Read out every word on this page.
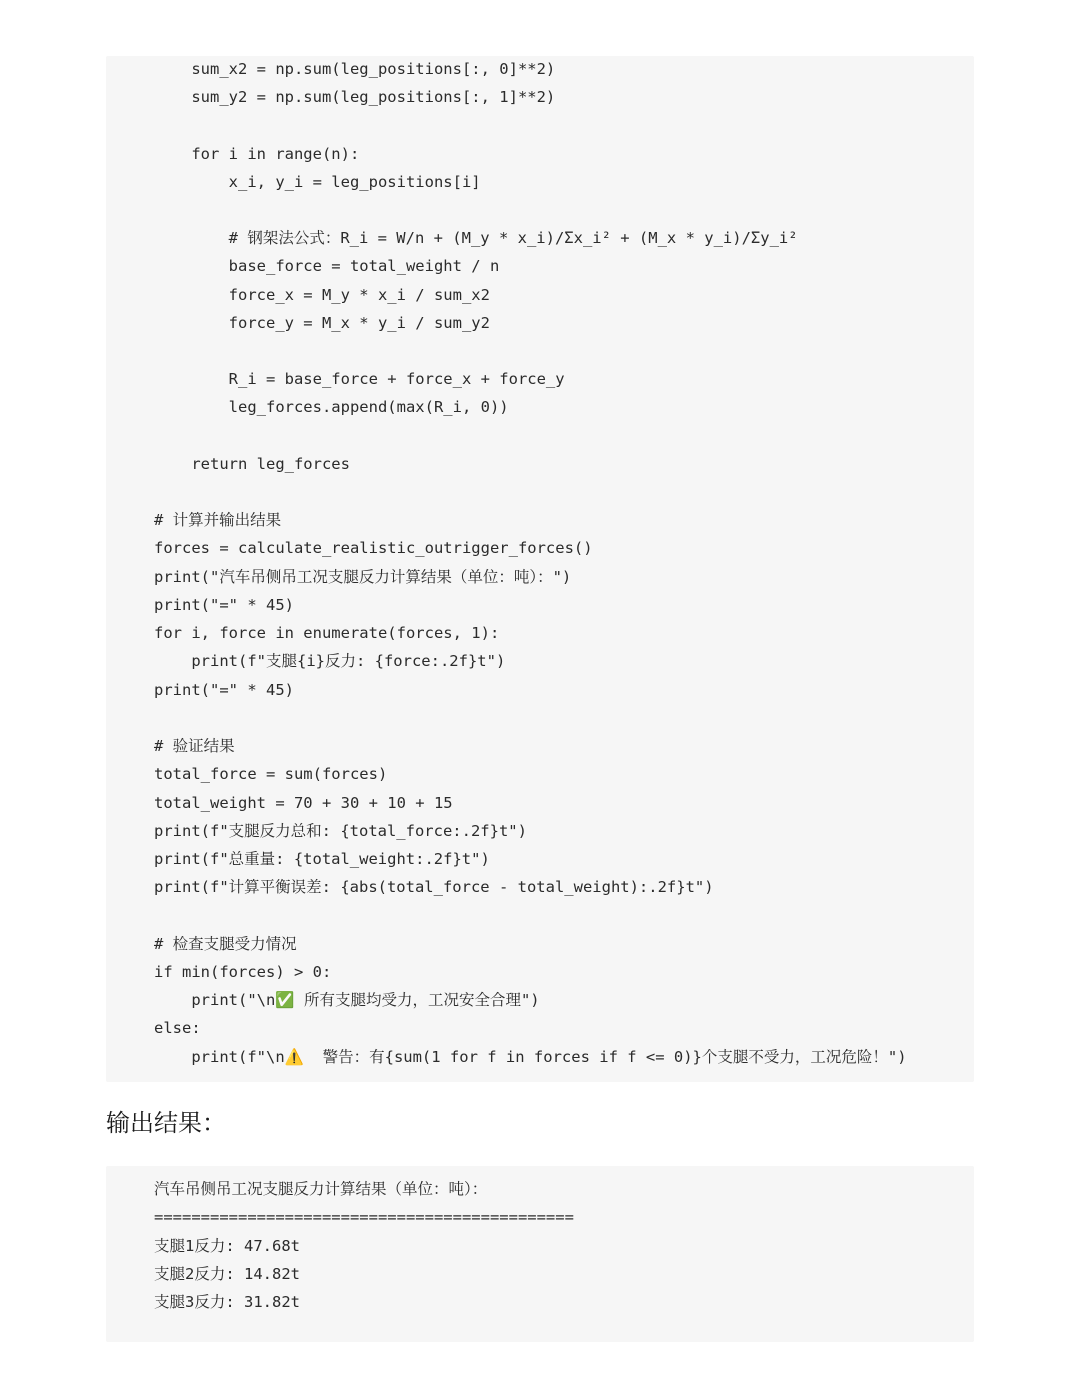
sum_x2 = np.sum(leg_positions[:, 0]**2)
sum_y2 = np.sum(leg_positions[:, 1]**2)
for i in range(n):
x_i, y_i = leg_positions[i]
# 钢架法公式：R_i = W/n + (M_y * x_i)/Σx_i² + (M_x * y_i)/Σy_i²
base_force = total_weight / n
force_x = M_y * x_i / sum_x2
force_y = M_x * y_i / sum_y2
R_i = base_force + force_x + force_y
leg_forces.append(max(R_i, 0))
return leg_forces
# 计算并输出结果
forces = calculate_realistic_outrigger_forces()
print("汽车吊侧吊工况支腿反力计算结果（单位：吨）：")
print("=" * 45)
for i, force in enumerate(forces, 1):
print(f"支腿{i}反力: {force:.2f}t")
print("=" * 45)
# 验证结果
total_force = sum(forces)
total_weight = 70 + 30 + 10 + 15
print(f"支腿反力总和: {total_force:.2f}t")
print(f"总重量: {total_weight:.2f}t")
print(f"计算平衡误差: {abs(total_force - total_weight):.2f}t")
# 检查支腿受力情况
if min(forces) > 0:
print("\n✅ 所有支腿均受力，工况安全合理")
else:
print(f"\n⚠️  警告：有{sum(1 for f in forces if f <= 0)}个支腿不受力，工况危险！")
输出结果：
汽车吊侧吊工况支腿反力计算结果（单位：吨）：
=============================================
支腿1反力: 47.68t
支腿2反力: 14.82t
支腿3反力: 31.82t
